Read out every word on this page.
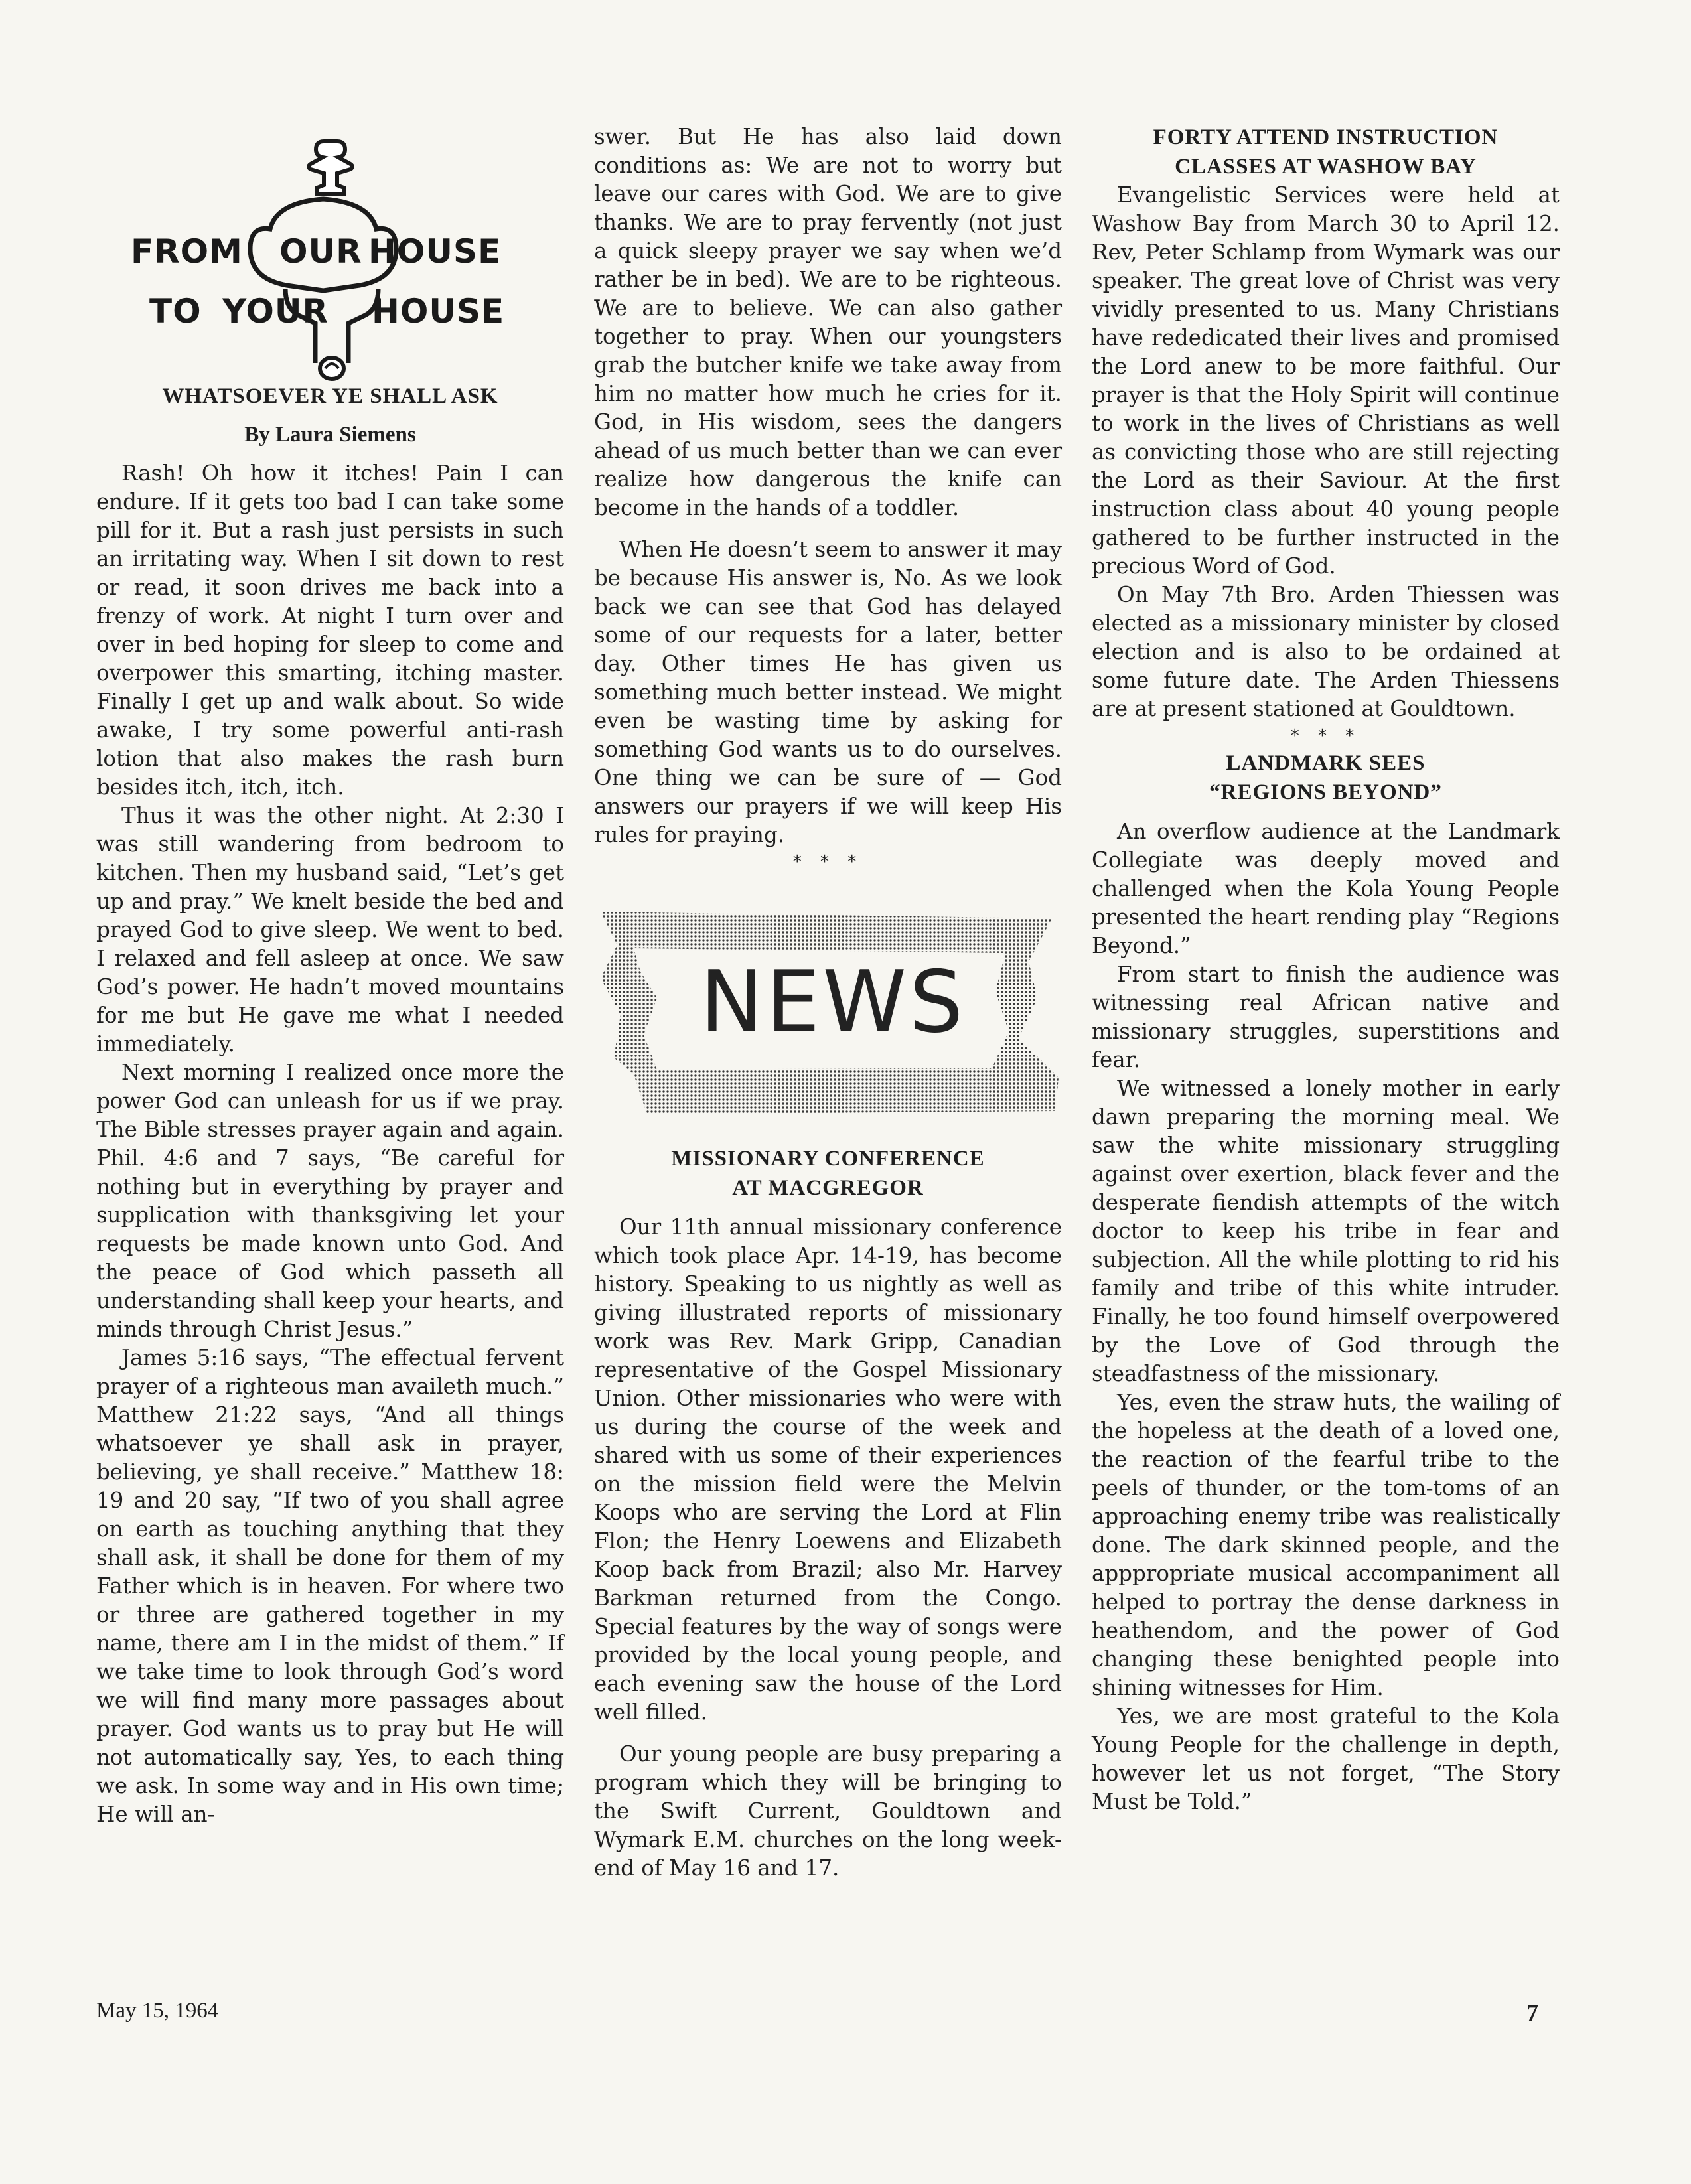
FROM OUR HOUSE
TO YOUR HOUSE
WHATSOEVER YE SHALL ASK
By Laura Siemens

Rash! Oh how it itches! Pain I can endure. If it gets too bad I can take some pill for it. But a rash just persists in such an irritating way. When I sit down to rest or read, it soon drives me back into a frenzy of work. At night I turn over and over in bed hoping for sleep to come and overpower this smarting, itching master. Finally I get up and walk about. So wide awake, I try some powerful anti-rash lotion that also makes the rash burn besides itch, itch, itch.

Thus it was the other night. At 2:30 I was still wandering from bedroom to kitchen. Then my husband said, “Let’s get up and pray.” We knelt beside the bed and prayed God to give sleep. We went to bed. I relaxed and fell asleep at once. We saw God’s power. He hadn’t moved mountains for me but He gave me what I needed immediately.

Next morning I realized once more the power God can unleash for us if we pray. The Bible stresses prayer again and again. Phil. 4:6 and 7 says, “Be careful for nothing but in everything by prayer and supplication with thanksgiving let your requests be made known unto God. And the peace of God which passeth all understanding shall keep your hearts, and minds through Christ Jesus.”

James 5:16 says, “The effectual fervent prayer of a righteous man availeth much.” Matthew 21:22 says, “And all things whatsoever ye shall ask in prayer, believing, ye shall receive.” Matthew 18: 19 and 20 say, “If two of you shall agree on earth as touching anything that they shall ask, it shall be done for them of my Father which is in heaven. For where two or three are gathered together in my name, there am I in the midst of them.” If we take time to look through God’s word we will find many more passages about prayer. God wants us to pray but He will not automatically say, Yes, to each thing we ask. In some way and in His own time; He will an-

swer. But He has also laid down conditions as: We are not to worry but leave our cares with God. We are to give thanks. We are to pray fervently (not just a quick sleepy prayer we say when we’d rather be in bed). We are to be righteous. We are to believe. We can also gather together to pray. When our youngsters grab the butcher knife we take away from him no matter how much he cries for it. God, in His wisdom, sees the dangers ahead of us much better than we can ever realize how dangerous the knife can become in the hands of a toddler.

When He doesn’t seem to answer it may be because His answer is, No. As we look back we can see that God has delayed some of our requests for a later, better day. Other times He has given us something much better instead. We might even be wasting time by asking for something God wants us to do ourselves. One thing we can be sure of — God answers our prayers if we will keep His rules for praying.

* * *
NEWS
MISSIONARY CONFERENCE
AT MACGREGOR

Our 11th annual missionary conference which took place Apr. 14-19, has become history. Speaking to us nightly as well as giving illustrated reports of missionary work was Rev. Mark Gripp, Canadian representative of the Gospel Missionary Union. Other missionaries who were with us during the course of the week and shared with us some of their experiences on the mission field were the Melvin Koops who are serving the Lord at Flin Flon; the Henry Loewens and Elizabeth Koop back from Brazil; also Mr. Harvey Barkman returned from the Congo. Special features by the way of songs were provided by the local young people, and each evening saw the house of the Lord well filled.

Our young people are busy preparing a program which they will be bringing to the Swift Current, Gouldtown and Wymark E.M. churches on the long week-end of May 16 and 17.

FORTY ATTEND INSTRUCTION
CLASSES AT WASHOW BAY

Evangelistic Services were held at Washow Bay from March 30 to April 12. Rev, Peter Schlamp from Wymark was our speaker. The great love of Christ was very vividly presented to us. Many Christians have rededicated their lives and promised the Lord anew to be more faithful. Our prayer is that the Holy Spirit will continue to work in the lives of Christians as well as convicting those who are still rejecting the Lord as their Saviour. At the first instruction class about 40 young people gathered to be further instructed in the precious Word of God.

On May 7th Bro. Arden Thiessen was elected as a missionary minister by closed election and is also to be ordained at some future date. The Arden Thiessens are at present stationed at Gouldtown.

* * *
LANDMARK SEES
“REGIONS BEYOND”

An overflow audience at the Landmark Collegiate was deeply moved and challenged when the Kola Young People presented the heart rending play “Regions Beyond.”

From start to finish the audience was witnessing real African native and missionary struggles, superstitions and fear.

We witnessed a lonely mother in early dawn preparing the morning meal. We saw the white missionary struggling against over exertion, black fever and the desperate fiendish attempts of the witch doctor to keep his tribe in fear and subjection. All the while plotting to rid his family and tribe of this white intruder. Finally, he too found himself overpowered by the Love of God through the steadfastness of the missionary.

Yes, even the straw huts, the wailing of the hopeless at the death of a loved one, the reaction of the fearful tribe to the peels of thunder, or the tom-toms of an approaching enemy tribe was realistically done. The dark skinned people, and the apppropriate musical accompaniment all helped to portray the dense darkness in heathendom, and the power of God changing these benighted people into shining witnesses for Him.

Yes, we are most grateful to the Kola Young People for the challenge in depth, however let us not forget, “The Story Must be Told.”

May 15, 1964	7
